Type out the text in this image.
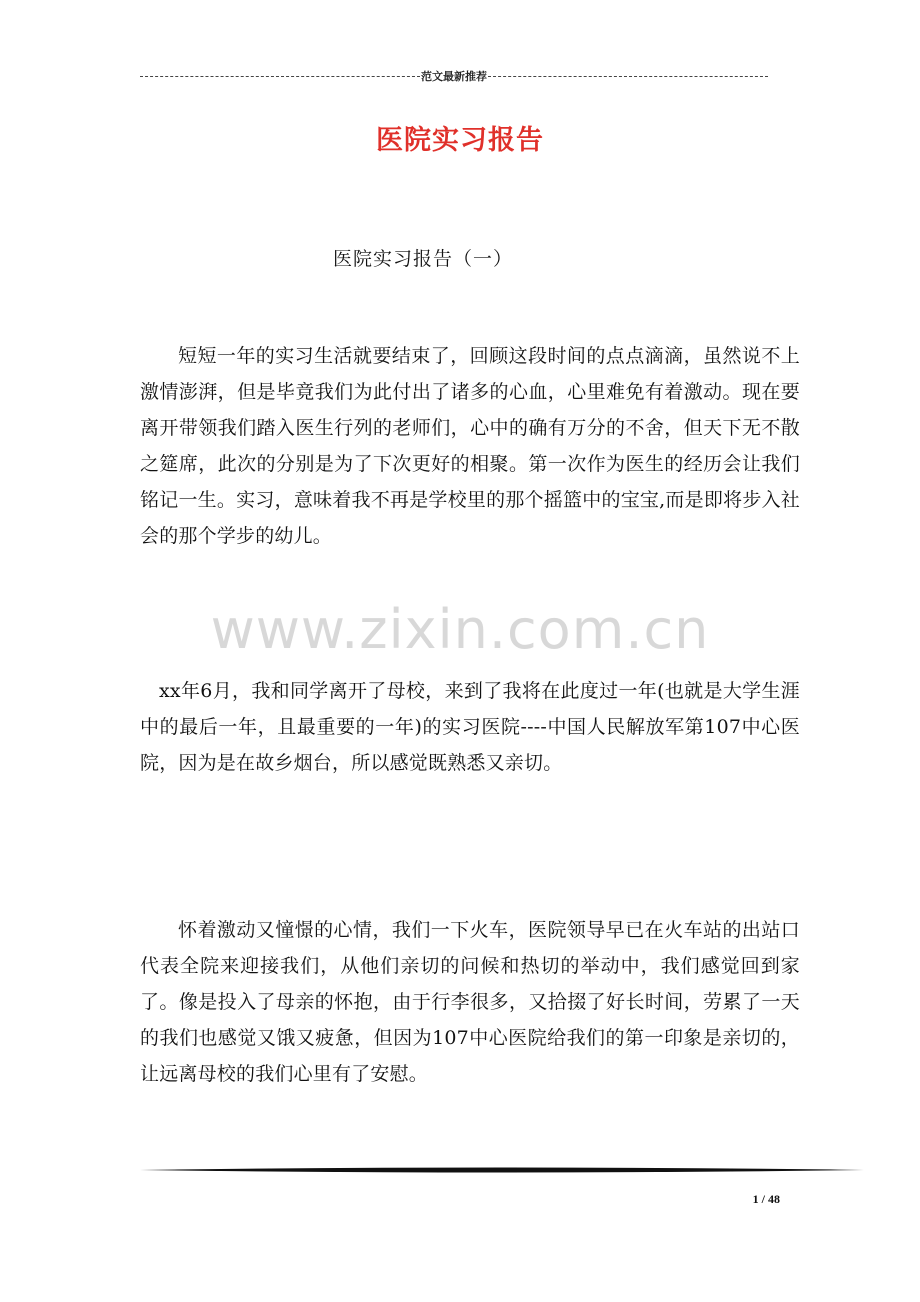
范文最新推荐
医院实习报告
医院实习报告（一）

短短一年的实习生活就要结束了，回顾这段时间的点点滴滴，虽然说不上激情澎湃，但是毕竟我们为此付出了诸多的心血，心里难免有着激动。现在要离开带领我们踏入医生行列的老师们，心中的确有万分的不舍，但天下无不散之筵席，此次的分别是为了下次更好的相聚。第一次作为医生的经历会让我们铭记一生。实习，意味着我不再是学校里的那个摇篮中的宝宝,而是即将步入社会的那个学步的幼儿。

www.zixin.com.cn

xx年6月，我和同学离开了母校，来到了我将在此度过一年(也就是大学生涯中的最后一年，且最重要的一年)的实习医院----中国人民解放军第107中心医院，因为是在故乡烟台，所以感觉既熟悉又亲切。

怀着激动又憧憬的心情，我们一下火车，医院领导早已在火车站的出站口代表全院来迎接我们，从他们亲切的问候和热切的举动中，我们感觉回到家了。像是投入了母亲的怀抱，由于行李很多，又拾掇了好长时间，劳累了一天的我们也感觉又饿又疲惫，但因为107中心医院给我们的第一印象是亲切的，让远离母校的我们心里有了安慰。

1 / 48
